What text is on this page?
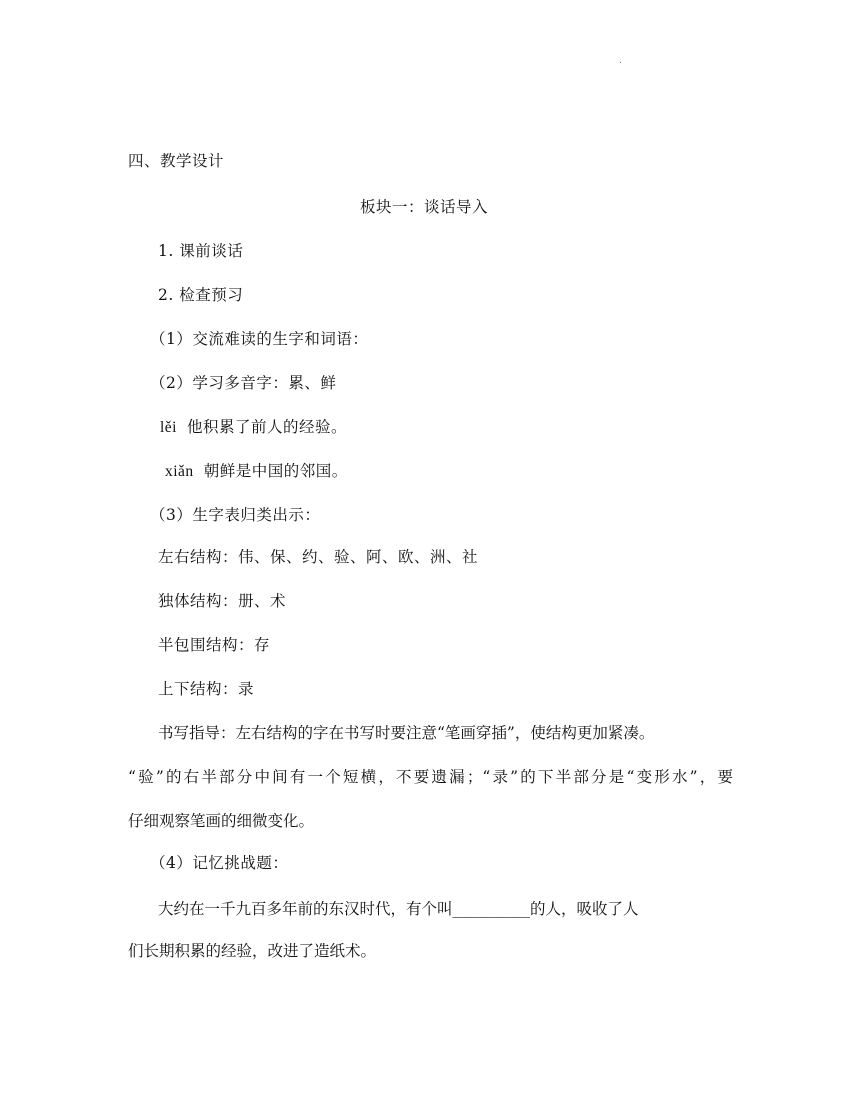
.
四、教学设计
板块一：谈话导入
1. 课前谈话
2. 检查预习
（1）交流难读的生字和词语：
（2）学习多音字：累、鲜
lěi 他积累了前人的经验。
xiǎn 朝鲜是中国的邻国。
（3）生字表归类出示：
左右结构：伟、保、约、验、阿、欧、洲、社
独体结构：册、术
半包围结构：存
上下结构：录
书写指导：左右结构的字在书写时要注意“笔画穿插”，使结构更加紧凑。
“验”的右半部分中间有一个短横，不要遗漏；“录”的下半部分是“变形水”，要
仔细观察笔画的细微变化。
（4）记忆挑战题：
大约在一千九百多年前的东汉时代，有个叫__________的人，吸收了人
们长期积累的经验，改进了造纸术。
